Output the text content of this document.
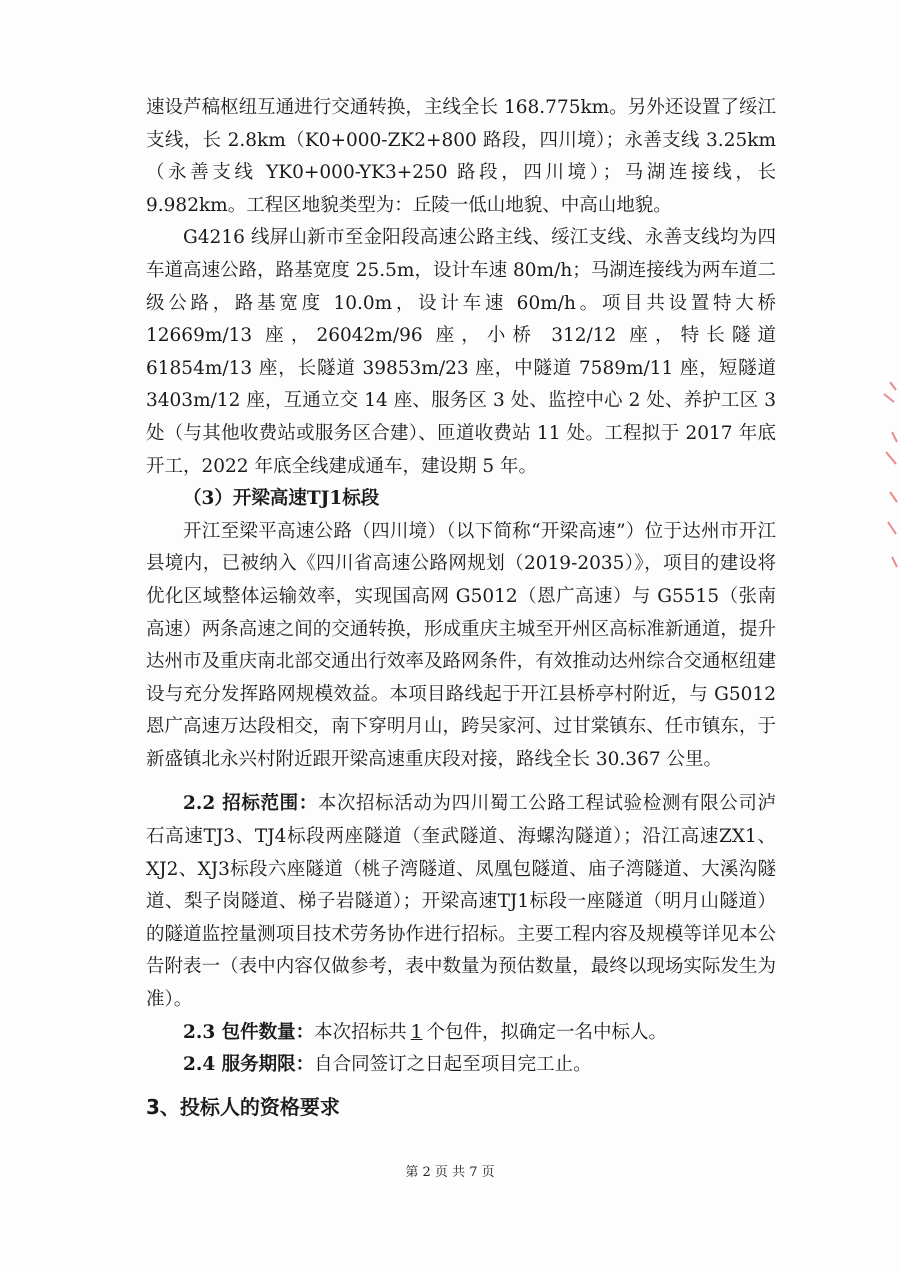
速设芦稿枢纽互通进行交通转换，主线全长 168.775km。另外还设置了绥江支线，长 2.8km（K0+000-ZK2+800 路段，四川境）；永善支线 3.25km（永善支线 YK0+000-YK3+250 路段，四川境）；马湖连接线，长 9.982km。工程区地貌类型为：丘陵一低山地貌、中高山地貌。

G4216 线屏山新市至金阳段高速公路主线、绥江支线、永善支线均为四车道高速公路，路基宽度 25.5m，设计车速 80m/h；马湖连接线为两车道二级公路，路基宽度 10.0m，设计车速 60m/h。项目共设置特大桥 12669m/13 座，26042m/96 座，小桥 312/12 座，特长隧道 61854m/13 座，长隧道 39853m/23 座，中隧道 7589m/11 座，短隧道 3403m/12 座，互通立交 14 座、服务区 3 处、监控中心 2 处、养护工区 3 处（与其他收费站或服务区合建）、匝道收费站 11 处。工程拟于 2017 年底开工，2022 年底全线建成通车，建设期 5 年。

（3）开梁高速TJ1标段

开江至梁平高速公路（四川境）（以下简称“开梁高速”）位于达州市开江县境内，已被纳入《四川省高速公路网规划（2019-2035）》，项目的建设将优化区域整体运输效率，实现国高网 G5012（恩广高速）与 G5515（张南高速）两条高速之间的交通转换，形成重庆主城至开州区高标准新通道，提升达州市及重庆南北部交通出行效率及路网条件，有效推动达州综合交通枢纽建设与充分发挥路网规模效益。本项目路线起于开江县桥亭村附近，与 G5012 恩广高速万达段相交，南下穿明月山，跨吴家河、过甘棠镇东、任市镇东，于新盛镇北永兴村附近跟开梁高速重庆段对接，路线全长 30.367 公里。

2.2 招标范围：本次招标活动为四川蜀工公路工程试验检测有限公司泸石高速TJ3、TJ4标段两座隧道（奎武隧道、海螺沟隧道）；沿江高速ZX1、XJ2、XJ3标段六座隧道（桃子湾隧道、凤凰包隧道、庙子湾隧道、大溪沟隧道、梨子岗隧道、梯子岩隧道）；开梁高速TJ1标段一座隧道（明月山隧道）的隧道监控量测项目技术劳务协作进行招标。主要工程内容及规模等详见本公告附表一（表中内容仅做参考，表中数量为预估数量，最终以现场实际发生为准）。

2.3 包件数量：本次招标共 1 个包件，拟确定一名中标人。

2.4 服务期限：自合同签订之日起至项目完工止。

3、投标人的资格要求

第 2 页 共 7 页
